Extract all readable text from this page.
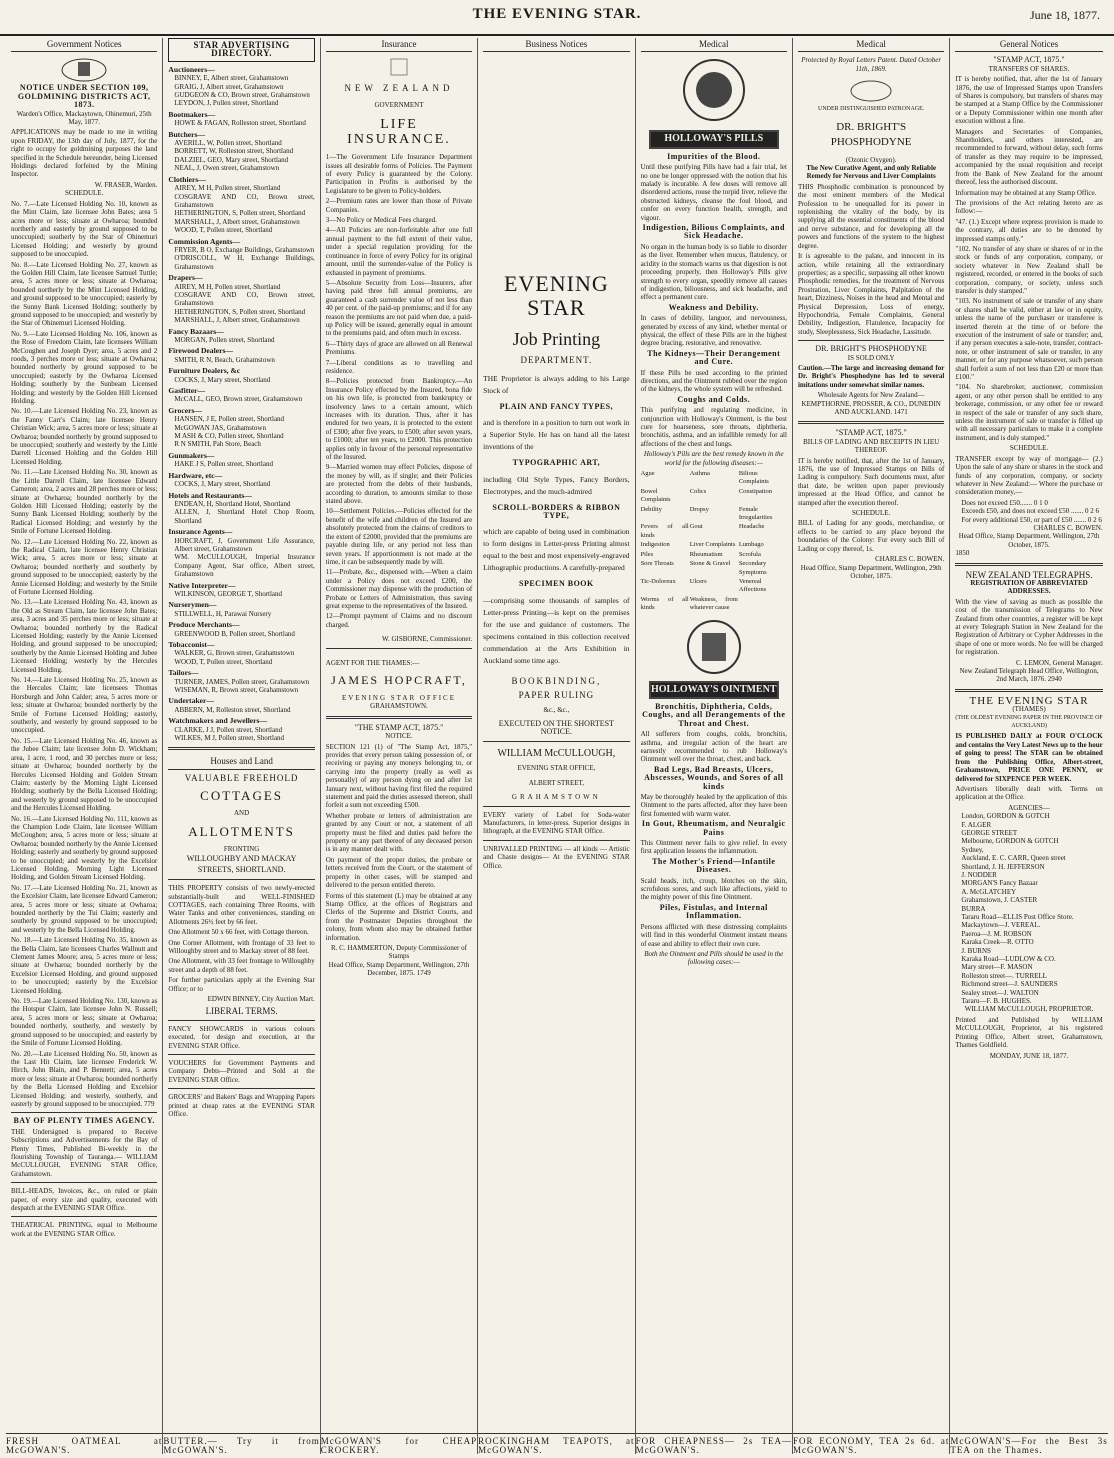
THE EVENING STAR.	June 18, 1877.
Government Notices
NOTICE UNDER SECTION 109, GOLDMINING DISTRICTS ACT, 1873.
Warden's Office, Mackaytown, Ohinemuri, 25th May, 1877.
APPLICATIONS may be made to me in writing upon FRIDAY, the 13th day of July, 1877, for the right to occupy for goldmining purposes the land specified in the Schedule hereunder, being Licensed Holdings declared forfeited by the Mining Inspector.
W. FRASER, Warden.
SCHEDULE.
No. 7.—Late Licensed Holding No. 10, known as the Mint Claim, late licensee John Bates; area 5 acres more or less; situate at Owharoa; bounded northerly and easterly by ground supposed to be unoccupied; southerly by the Star of Ohinemuri Licensed Holding; and westerly by ground supposed to be unoccupied.
No. 8.—Late Licensed Holding No. 27, known as the Golden Hill Claim, late licensee Samuel Tuttle; area, 5 acres more or less; situate at Owharoa; bounded northerly by the Mint Licensed Holding, and ground supposed to be unoccupied; easterly by the Sunny Bank Licensed Holding; southerly by ground supposed to be unoccupied; and westerly by the Star of Ohinemuri Licensed Holding.
No. 9.—Late Licensed Holding No. 106, known as the Rose of Freedom Claim, late licensees William McCoughen and Joseph Dyer; area, 5 acres and 2 roods, 3 perches more or less; situate at Owharoa; bounded northerly by ground supposed to be unoccupied; easterly by the Owharoa Licensed Holding; southerly by the Sunbeam Licensed Holding; and westerly by the Golden Hill Licensed Holding.
No. 10.—Late Licensed Holding No. 23, known as the Fanny Carr's Claim; late licensee Henry Christian Wick; area, 5 acres more or less; situate at Owharoa; bounded northerly by ground supposed to be unoccupied; southerly and westerly by the Little Darrell Licensed Holding and the Golden Hill Licensed Holding.
No. 11.—Late Licensed Holding No. 30, known as the Little Darrell Claim, late licensee Edward Cameron; area, 2 acres and 28 perches more or less; situate at Owharoa; bounded northerly by the Golden Hill Licensed Holding; easterly by the Sunny Bank Licensed Holding; southerly by the Radical Licensed Holding; and westerly by the Smile of Fortune Licensed Holding.
No. 12.—Late Licensed Holding No. 22, known as the Radical Claim, late licensee Henry Christian Wick; area, 5 acres more or less; situate at Owharoa; bounded northerly and southerly by ground supposed to be unoccupied; easterly by the Annie Licensed Holding; and westerly by the Smile of Fortune Licensed Holding.
No. 13.—Late Licensed Holding No. 43, known as the Old as Stream Claim, late licensee John Bates; area, 3 acres and 35 perches more or less; situate at Owharoa; bounded northerly by the Radical Licensed Holding; easterly by the Annie Licensed Holding, and ground supposed to be unoccupied; southerly by the Annie Licensed Holding and Jubee Licensed Holding; westerly by the Hercules Licensed Holding.
No. 14.—Late Licensed Holding No. 25, known as the Hercules Claim; late licensees Thomas Horsburgh and John Calder; area, 5 acres more or less; situate at Owharoa; bounded northerly by the Smile of Fortune Licensed Holding; easterly, southerly, and westerly by ground supposed to be unoccupied.
No. 15.—Late Licensed Holding No. 46, known as the Jubee Claim; late licensee John D. Wickham; area, 1 acre, 1 rood, and 30 perches more or less; situate at Owharoa; bounded northerly by the Hercules Licensed Holding and Golden Stream Claim; easterly by the Morning Light Licensed Holding; southerly by the Bella Licensed Holding; and westerly by ground supposed to be unoccupied and the Hercules Licensed Holding.
No. 16.—Late Licensed Holding No. 111, known as the Champion Lode Claim, late licensee William McCoughen; area, 5 acres more or less; situate at Owharoa; bounded northerly by the Annie Licensed Holding; easterly and southerly by ground supposed to be unoccupied; and westerly by the Excelsior Licensed Holding, Morning Light Licensed Holding, and Golden Stream Licensed Holding.
No. 17.—Late Licensed Holding No. 21, known as the Excelsior Claim, late licensee Edward Cameron; area, 5 acres more or less; situate at Owharoa; bounded northerly by the Tui Claim; easterly and southerly by ground supposed to be unoccupied; and westerly by the Bella Licensed Holding.
No. 18.—Late Licensed Holding No. 35, known as the Bella Claim, late licensees Charles Wallnutt and Clement James Moore; area, 5 acres more or less; situate at Owharoa; bounded northerly by the Excelsior Licensed Holding, and ground supposed to be unoccupied; easterly by the Excelsior Licensed Holding.
No. 19.—Late Licensed Holding No. 130, known as the Hotspur Claim, late licensee John N. Russell; area, 5 acres more or less; situate at Owharoa; bounded northerly, southerly, and westerly by ground supposed to be unoccupied; and easterly by the Smile of Fortune Licensed Holding.
No. 20.—Late Licensed Holding No. 50, known as the Last Hit Claim, late licensee Frederick W. Hirch, John Blain, and P. Bennett; area, 5 acres more or less; situate at Owharoa; bounded northerly by the Bella Licensed Holding and Excelsior Licensed Holding; and westerly, southerly, and easterly by ground supposed to be unoccupied. 779
BAY OF PLENTY TIMES AGENCY.
THE Undersigned is prepared to Receive Subscriptions and Advertisements for the Bay of Plenty Times, Published Bi-weekly in the flourishing Township of Tauranga.— WILLIAM McCULLOUGH, EVENING STAR Office, Grahamstown.
BILL-HEADS, Invoices, &c., on ruled or plain paper, of every size and quality, executed with despatch at the EVENING STAR Office.
THEATRICAL PRINTING, equal to Melbourne work at the EVENING STAR Office.
FRESH OATMEAL at McGOWAN'S.
STAR ADVERTISING DIRECTORY.
Auctioneers—
BINNEY, E, Albert street, Grahamstown
GRAIG, J, Albert street, Grahamstown
GUDGEON & CO, Brown street, Grahamstown
LEYDON, J, Pollen street, Shortland
Bootmakers—
HOWE & FAGAN, Rolleston street, Shortland
Butchers—
AVERILL, W, Pollen street, Shortland
BORRETT, W, Rolleston street, Shortland
DALZIEL, GEO, Mary street, Shortland
NEAL, J, Owen street, Grahamstown
Clothiers—
AIREY, M H, Pollen street, Shortland
COSGRAVE AND CO, Brown street, Grahamstown
HETHERINGTON, S, Pollen street, Shortland
MARSHALL, J, Albert street, Grahamstown
WOOD, T, Pollen street, Shortland
Commission Agents—
FRYER, B O, Exchange Buildings, Grahamstown
O'DRISCOLL, W H, Exchange Buildings, Grahamstown
Drapers—
AIREY, M H, Pollen street, Shortland
COSGRAVE AND CO, Brown street, Grahamstown
HETHERINGTON, S, Pollen street, Shortland
MARSHALL, J, Albert street, Grahamstown
Fancy Bazaars—
MORGAN, Pollen street, Shortland
Firewood Dealers—
SMITH, R N, Beach, Grahamstown
Furniture Dealers, &c
COCKS, J, Mary street, Shortland
Gasfitter—
McCALL, GEO, Brown street, Grahamstown
Grocers—
HANSEN, J E, Pollen street, Shortland
McGOWAN JAS, Grahamstown
M ASH & CO, Pollen street, Shortland
R N SMITH, Pah Store, Beach
Gunmakers—
HAKE J S, Pollen street, Shortland
Hardware, etc—
COCKS, J, Mary street, Shortland
Hotels and Restaurants—
ENDEAN, H, Shortland Hotel, Shortland
ALLEN, J, Shortland Hotel Chop Room, Shortland
Insurance Agents—
HORCRAFT, J, Government Life Assurance, Albert street, Grahamstown
WM. McCULLOUGH, Imperial Insurance Company Agent, Star office, Albert street, Grahamstown
Native Interpreter—
WILKINSON, GEORGE T, Shortland
Nurserymen—
STILLWELL, H, Parawai Nursery
Produce Merchants—
GREENWOOD B, Pollen street, Shortland
Tobacconist—
WALKER, G, Brown street, Grahamstown
WOOD, T, Pollen street, Shortland
Tailors—
TURNER, JAMES, Pollen street, Grahamstown
WISEMAN, R, Brown street, Grahamstown
Undertaker—
ABBERN, M, Rolleston street, Shortland
Watchmakers and Jewellers—
CLARKE, J J, Pollen street, Shortland
WILKES, M J, Pollen street, Shortland
Houses and Land
VALUABLE FREEHOLD
COTTAGES
AND
ALLOTMENTS
FRONTING
WILLOUGHBY AND MACKAY STREETS, SHORTLAND.
THIS PROPERTY consists of two newly-erected substantially-built and WELL-FINISHED COTTAGES, each containing Three Rooms, with Water Tanks and other conveniences, standing on Allotments 26½ feet by 66 feet.
One Allotment 50 x 66 feet, with Cottage thereon.
One Corner Allotment, with frontage of 33 feet to Willoughby street and to Mackay street of 88 feet.
One Allotment, with 33 feet frontage to Willoughby street and a depth of 88 feet.
For further particulars apply at the Evening Star Office; or to
EDWIN BINNEY, City Auction Mart.
LIBERAL TERMS.
FANCY SHOWCARDS in various colours executed, for design and execution, at the EVENING STAR Office.
VOUCHERS for Government Payments and Company Debts—Printed and Sold at the EVENING STAR Office.
GROCERS' and Bakers' Bags and Wrapping Papers printed at cheap rates at the EVENING STAR Office.
BUTTER.— Try it from McGOWAN'S.
Insurance
NEW ZEALAND
GOVERNMENT
LIFE INSURANCE.
1—The Government Life Insurance Department issues all desirable forms of Policies. The Payment of every Policy is guaranteed by the Colony. Participation in Profits is authorised by the Legislature to be given to Policy-holders.
2—Premium rates are lower than those of Private Companies.
3—No Policy or Medical Fees charged.
4—All Policies are non-forfeitable after one full annual payment to the full extent of their value, under a special regulation providing for the continuance in force of every Policy for its original amount, until the surrender-value of the Policy is exhausted in payment of premiums.
5—Absolute Security from Loss—Insurers, after having paid three full annual premiums, are guaranteed a cash surrender value of not less than 40 per cent. of the paid-up premiums; and if for any reason the premiums are not paid when due, a paid-up Policy will be issued, generally equal in amount to the premiums paid, and often much in excess.
6—Thirty days of grace are allowed on all Renewal Premiums.
7—Liberal conditions as to travelling and residence.
8—Policies protected from Bankruptcy.—An Insurance Policy effected by the Insured, bona fide on his own life, is protected from bankruptcy or insolvency laws to a certain amount, which increases with its duration. Thus, after it has endured for two years, it is protected to the extent of £300; after five years, to £500; after seven years, to £1000; after ten years, to £2000. This protection applies only in favour of the personal representative of the Insured.
9—Married women may effect Policies, dispose of the money by will, as if single; and their Policies are protected from the debts of their husbands, according to duration, to amounts similar to those stated above.
10—Settlement Policies.—Policies effected for the benefit of the wife and children of the Insured are absolutely protected from the claims of creditors to the extent of £2000, provided that the premiums are payable during life, or any period not less than seven years. If apportionment is not made at the time, it can be subsequently made by will.
11—Probate, &c., dispensed with.—When a claim under a Policy does not exceed £200, the Commissioner may dispense with the production of Probate or Letters of Administration, thus saving great expense to the representatives of the Insured.
12—Prompt payment of Claims and no discount charged.
W. GISBORNE, Commissioner.
AGENT FOR THE THAMES:—
JAMES HOPCRAFT,
EVENING STAR OFFICE
GRAHAMSTOWN.
"THE STAMP ACT, 1875."
NOTICE.
SECTION 121 (1) of "The Stamp Act, 1875," provides that every person taking possession of, or receiving or paying any moneys belonging to, or carrying into the property (really as well as personally) of any person dying on and after 1st January next, without having first filed the required statement and paid the duties assessed thereon, shall forfeit a sum not exceeding £500.
Whether probate or letters of administration are granted by any Court or not, a statement of all property must be filed and duties paid before the property or any part thereof of any deceased person is in any manner dealt with.
On payment of the proper duties, the probate or letters received from the Court, or the statement of property in other cases, will be stamped and delivered to the person entitled thereto.
Forms of this statement (L) may be obtained at any Stamp Office, at the offices of Registrars and Clerks of the Supreme and District Courts, and from the Postmaster Deputies throughout the colony, from whom also may be obtained further information.
R. C. HAMMERTON, Deputy Commissioner of Stamps
Head Office, Stamp Department, Wellington, 27th December, 1875. 1749
McGOWAN'S for CHEAP CROCKERY.
Business Notices
EVENING STAR
Job Printing
DEPARTMENT.
THE Proprietor is always adding to his Large Stock of
PLAIN AND FANCY TYPES,
and is therefore in a position to turn out work in a Superior Style. He has on hand all the latest inventions of the
TYPOGRAPHIC ART,
including Old Style Types, Fancy Borders, Electrotypes, and the much-admired
SCROLL-BORDERS & RIBBON TYPE,
which are capable of being used in combination to form designs in Letter-press Printing almost equal to the best and most expensively-engraved Lithographic productions. A carefully-prepared
SPECIMEN BOOK
—comprising some thousands of samples of Letter-press Printing—is kept on the premises for the use and guidance of customers. The specimens contained in this collection received commendation at the Arts Exhibition in Auckland some time ago.
BOOKBINDING,
PAPER RULING
&c., &c.,
EXECUTED ON THE SHORTEST NOTICE.
WILLIAM McCULLOUGH,
EVENING STAR OFFICE,
ALBERT STREET,
GRAHAMSTOWN
EVERY variety of Label for Soda-water Manufacturers, in letter-press. Superior designs in lithograph, at the EVENING STAR Office.
UNRIVALLED PRINTING — all kinds — Artistic and Chaste designs— At the EVENING STAR Office.
ROCKINGHAM TEAPOTS, at McGOWAN'S.
Medical
HOLLOWAY'S PILLS
Impurities of the Blood.
Until these purifying Pills have had a fair trial, let no one be longer oppressed with the notion that his malady is incurable. A few doses will remove all disordered actions, rouse the torpid liver, relieve the obstructed kidneys, cleanse the foul blood, and confer on every function health, strength, and vigour.
Indigestion, Bilious Complaints, and Sick Headache.
No organ in the human body is so liable to disorder as the liver. Remember when mucus, flatulency, or acidity in the stomach warns us that digestion is not proceeding properly, then Holloway's Pills give strength to every organ, speedily remove all causes of indigestion, biliousness, and sick headache, and effect a permanent cure.
Weakness and Debility.
In cases of debility, languor, and nervousness, generated by excess of any kind, whether mental or physical, the effect of these Pills are in the highest degree bracing, restorative, and renovative.
The Kidneys—Their Derangement and Cure.
If these Pills be used according to the printed directions, and the Ointment rubbed over the region of the kidneys, the whole system will be refreshed.
Coughs and Colds.
This purifying and regulating medicine, in conjunction with Holloway's Ointment, is the best cure for hoarseness, sore throats, diphtheria, bronchitis, asthma, and an infallible remedy for all affections of the chest and lungs.
Holloway's Pills are the best remedy known in the world for the following diseases:—
Ague	Asthma	Bilious Complaints
Bowel Complaints
Colics	Constipation
Debility	Dropsy	Female Irregularities
Fevers of all kinds
Gout	Headache
Indigestion	Liver Complaints Lumbago
Piles	Rheumatism	Scrofula
Sore Throats	Stone & Gravel	Secondary Symptoms
Tic-Doloreux	Ulcers	Venereal Affections
Worms of all kinds
Weakness, from whatever cause
HOLLOWAY'S OINTMENT
Bronchitis, Diphtheria, Colds, Coughs, and all Derangements of the Throat and Chest.
All sufferers from coughs, colds, bronchitis, asthma, and irregular action of the heart are earnestly recommended to rub Holloway's Ointment well over the throat, chest, and back.
Bad Legs, Bad Breasts, Ulcers, Abscesses, Wounds, and Sores of all kinds
May be thoroughly healed by the application of this Ointment to the parts affected, after they have been first fomented with warm water.
In Gout, Rheumatism, and Neuralgic Pains
This Ointment never fails to give relief. In every first application lessens the inflammation.
The Mother's Friend—Infantile Diseases.
Scald heads, itch, croup, blotches on the skin, scrofulous sores, and such like affections, yield to the mighty power of this fine Ointment.
Piles, Fistulas, and Internal Inflammation.
Persons afflicted with these distressing complaints will find in this wonderful Ointment instant means of ease and ability to effect their own cure.
Both the Ointment and Pills should be used in the following cases:—
FOR CHEAPNESS— 2s TEA— McGOWAN'S.
Medical
Protected by Royal Letters Patent. Dated October 11th, 1869.
UNDER DISTINGUISHED PATRONAGE.
DR. BRIGHT'S PHOSPHODYNE
(Ozonic Oxygen).
The New Curative Agent, and only Reliable Remedy for Nervous and Liver Complaints
THIS Phosphodic combination is pronounced by the most eminent members of the Medical Profession to be unequalled for its power in replenishing the vitality of the body, by its supplying all the essential constituents of the blood and nerve substance, and for developing all the powers and functions of the system to the highest degree.
It is agreeable to the palate, and innocent in its action, while retaining all the extraordinary properties; as a specific, surpassing all other known Phosphodic remedies, for the treatment of Nervous Prostration, Liver Complaints, Palpitation of the heart, Dizziness, Noises in the head and Mental and Physical Depression, Loss of energy, Hypochondria, Female Complaints, General Debility, Indigestion, Flatulence, Incapacity for study, Sleeplessness, Sick Headache, Lassitude.
DR. BRIGHT'S PHOSPHODYNE
IS SOLD ONLY
Caution.—The large and increasing demand for Dr. Bright's Phosphodyne has led to several imitations under somewhat similar names.
Wholesale Agents for New Zealand— KEMPTHORNE, PROSSER, & CO., DUNEDIN AND AUCKLAND. 1471
"STAMP ACT, 1875."
BILLS OF LADING AND RECEIPTS IN LIEU THEREOF.
IT is hereby notified, that, after the 1st of January, 1876, the use of Impressed Stamps on Bills of Lading is compulsory. Such documents must, after that date, be written upon paper previously impressed at the Head Office, and cannot be stamped after the execution thereof.
SCHEDULE.
BILL of Lading for any goods, merchandise, or effects to be carried to any place beyond the boundaries of the Colony: For every such Bill of Lading or copy thereof, 1s.
CHARLES C. BOWEN.
Head Office, Stamp Department, Wellington, 29th October, 1875.
FOR ECONOMY, TEA 2s 6d. at McGOWAN'S.
General Notices
"STAMP ACT, 1875."
TRANSFERS OF SHARES.
IT is hereby notified, that, after the 1st of January 1876, the use of Impressed Stamps upon Transfers of Shares is compulsory, but transfers of shares may be stamped at a Stamp Office by the Commissioner or a Deputy Commissioner within one month after execution without a fine.
Managers and Secretaries of Companies, Shareholders, and others interested, are recommended to forward, without delay, such forms of transfer as they may require to be impressed, accompanied by the usual requisition and receipt from the Bank of New Zealand for the amount thereof, less the authorised discount.
Information may be obtained at any Stamp Office.
The provisions of the Act relating hereto are as follow:—
"47. (1.) Except where express provision is made to the contrary, all duties are to be denoted by impressed stamps only."
"102. No transfer of any share or shares of or in the stock or funds of any corporation, company, or society whatever in New Zealand shall be registered, recorded, or entered in the books of such corporation, company, or society, unless such transfer is duly stamped."
"103. No instrument of sale or transfer of any share or shares shall be valid, either at law or in equity, unless the name of the purchaser or transferee is inserted therein at the time of or before the execution of the instrument of sale or transfer; and, if any person executes a sale-note, transfer, contract-note, or other instrument of sale or transfer, in any manner, or for any purpose whatsoever, such person shall forfeit a sum of not less than £20 or more than £100."
"104. No sharebroker, auctioneer, commission agent, or any other person shall be entitled to any brokerage, commission, or any other fee or reward in respect of the sale or transfer of any such share, unless the instrument of sale or transfer is filled up with all necessary particulars to make it a complete instrument, and is duly stamped."
SCHEDULE.
TRANSFER except by way of mortgage— (2.) Upon the sale of any share or shares in the stock and funds of any corporation, company, or society whatever in New Zealand:— Where the purchase or consideration money,—
Does not exceed £50....... 0 1 0
Exceeds £50, and does not exceed £50 ....... 0 2 6
For every additional £50, or part of £50 ....... 0 2 6
CHARLES C. BOWEN.
Head Office, Stamp Department, Wellington, 27th October, 1875.
1850
NEW ZEALAND TELEGRAPHS.
REGISTRATION OF ABBREVIATED ADDRESSES.
With the view of saving as much as possible the cost of the transmission of Telegrams to New Zealand from other countries, a register will be kept at every Telegraph Station in New Zealand for the Registration of Arbitrary or Cypher Addresses in the shape of one or more words. No fee will be charged for registration.
C. LEMON, General Manager.
New Zealand Telegraph Head Office, Wellington, 2nd March, 1876. 2940
THE EVENING STAR
(THAMES)
(THE OLDEST EVENING PAPER IN THE PROVINCE OF AUCKLAND)
IS PUBLISHED DAILY at FOUR O'CLOCK and contains the Very Latest News up to the hour of going to press! The STAR can be obtained from the Publishing Office, Albert-street, Grahamstown, PRICE ONE PENNY, or delivered for SIXPENCE PER WEEK.
Advertisers liberally dealt with. Terms on application at the Office.
AGENCIES—
London, GORDON & GOTCH
F. ALGER
GEORGE STREET
Melbourne, GORDON & GOTCH
Sydney,
Auckland, E. C. CARR, Queen street
Shortland, J. H. JEFFERSON
J. NODDER
MORGAN'S Fancy Bazaar
A. McGLATCHEY
Grahamstown, J. CASTER
BURRA
Tararu Road—ELLIS Post Office Store.
Mackaytown—J. VEREAL.
Paeroa—J. M. ROBSON
Karaka Creek—R. OTTO
J. BURNS
Karaka Road—LUDLOW & CO.
Mary street—F. MASON
Rolleston street—. TURRELL
Richmond street—J. SAUNDERS
Sealey street—J. WALTON
Tararu—F. B. HUGHES.
WILLIAM McCULLOUGH, PROPRIETOR.
Printed and Published by WILLIAM McCULLOUGH, Proprietor, at his registered Printing Office, Albert street, Grahamstown, Thames Goldfield.
MONDAY, JUNE 18, 1877.
McGOWAN'S—For the Best 3s TEA on the Thames.
